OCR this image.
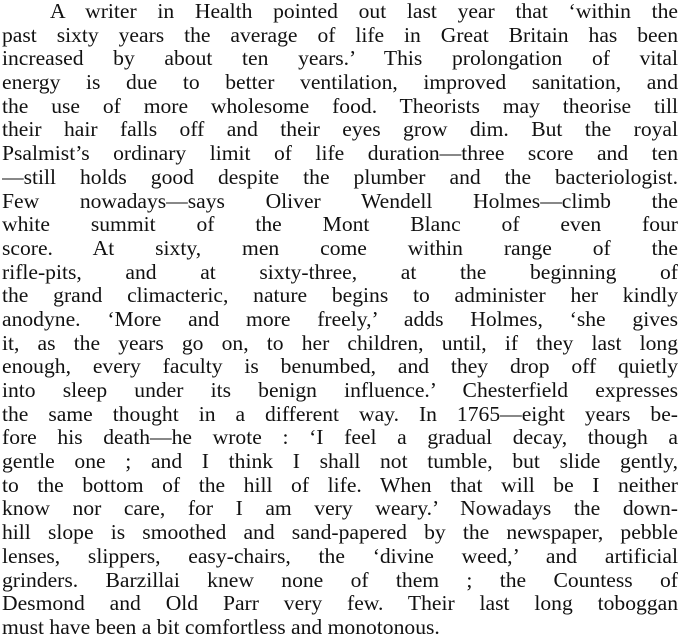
A writer in Health pointed out last year that ‘within the
past sixty years the average of life in Great Britain has been
increased by about ten years.’ This prolongation of vital
energy is due to better ventilation, improved sanitation, and
the use of more wholesome food. Theorists may theorise till
their hair falls off and their eyes grow dim. But the royal
Psalmist’s ordinary limit of life duration—three score and ten
—still holds good despite the plumber and the bacteriologist.
Few nowadays—says Oliver Wendell Holmes—climb the
white summit of the Mont Blanc of even four
score. At sixty, men come within range of the
rifle-pits, and at sixty-three, at the beginning of
the grand climacteric, nature begins to administer her kindly
anodyne. ‘More and more freely,’ adds Holmes, ‘she gives
it, as the years go on, to her children, until, if they last long
enough, every faculty is benumbed, and they drop off quietly
into sleep under its benign influence.’ Chesterfield expresses
the same thought in a different way. In 1765—eight years be-
fore his death—he wrote : ‘I feel a gradual decay, though a
gentle one ; and I think I shall not tumble, but slide gently,
to the bottom of the hill of life. When that will be I neither
know nor care, for I am very weary.’ Nowadays the down-
hill slope is smoothed and sand-papered by the newspaper, pebble
lenses, slippers, easy-chairs, the ‘divine weed,’ and artificial
grinders. Barzillai knew none of them ; the Countess of
Desmond and Old Parr very few. Their last long toboggan
must have been a bit comfortless and monotonous.
